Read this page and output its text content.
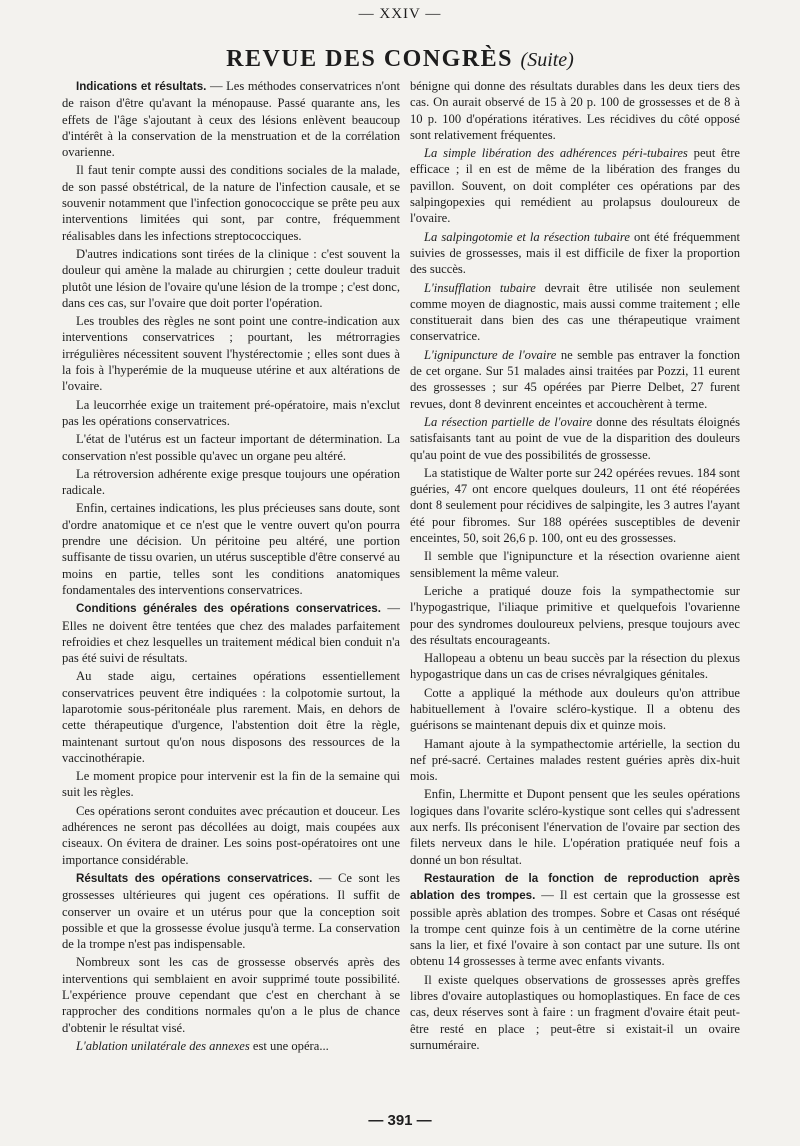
— XXIV —
REVUE DES CONGRÈS (Suite)

Indications et résultats. — Les méthodes conservatrices n'ont de raison d'être qu'avant la ménopause. Passé quarante ans, les effets de l'âge s'ajoutant à ceux des lésions enlèvent beaucoup d'intérêt à la conservation de la menstruation et de la corrélation ovarienne.

Il faut tenir compte aussi des conditions sociales de la malade, de son passé obstétrical, de la nature de l'infection causale, et se souvenir notamment que l'infection gonococcique se prête peu aux interventions limitées qui sont, par contre, fréquemment réalisables dans les infections streptococciques.

D'autres indications sont tirées de la clinique : c'est souvent la douleur qui amène la malade au chirurgien ; cette douleur traduit plutôt une lésion de l'ovaire qu'une lésion de la trompe ; c'est donc, dans ces cas, sur l'ovaire que doit porter l'opération.

Les troubles des règles ne sont point une contre-indication aux interventions conservatrices ; pourtant, les métrorragies irrégulières nécessitent souvent l'hystérectomie ; elles sont dues à la fois à l'hyperémie de la muqueuse utérine et aux altérations de l'ovaire.

La leucorrhée exige un traitement pré-opératoire, mais n'exclut pas les opérations conservatrices.

L'état de l'utérus est un facteur important de détermination. La conservation n'est possible qu'avec un organe peu altéré.

La rétroversion adhérente exige presque toujours une opération radicale.

Enfin, certaines indications, les plus précieuses sans doute, sont d'ordre anatomique et ce n'est que le ventre ouvert qu'on pourra prendre une décision. Un péritoine peu altéré, une portion suffisante de tissu ovarien, un utérus susceptible d'être conservé au moins en partie, telles sont les conditions anatomiques fondamentales des interventions conservatrices.

Conditions générales des opérations conservatrices. — Elles ne doivent être tentées que chez des malades parfaitement refroidies et chez lesquelles un traitement médical bien conduit n'a pas été suivi de résultats.

Au stade aigu, certaines opérations essentiellement conservatrices peuvent être indiquées : la colpotomie surtout, la laparotomie sous-péritonéale plus rarement. Mais, en dehors de cette thérapeutique d'urgence, l'abstention doit être la règle, maintenant surtout qu'on nous disposons des ressources de la vaccinothérapie.

Le moment propice pour intervenir est la fin de la semaine qui suit les règles.

Ces opérations seront conduites avec précaution et douceur. Les adhérences ne seront pas décollées au doigt, mais coupées aux ciseaux. On évitera de drainer. Les soins post-opératoires ont une importance considérable.

Résultats des opérations conservatrices. — Ce sont les grossesses ultérieures qui jugent ces opérations. Il suffit de conserver un ovaire et un utérus pour que la conception soit possible et que la grossesse évolue jusqu'à terme. La conservation de la trompe n'est pas indispensable.

Nombreux sont les cas de grossesse observés après des interventions qui semblaient en avoir supprimé toute possibilité. L'expérience prouve cependant que c'est en cherchant à se rapprocher des conditions normales qu'on a le plus de chance d'obtenir le résultat visé.

L'ablation unilatérale des annexes est une opéra...

bénigne qui donne des résultats durables dans les deux tiers des cas. On aurait observé de 15 à 20 p. 100 de grossesses et de 8 à 10 p. 100 d'opérations itératives. Les récidives du côté opposé sont relativement fréquentes.

La simple libération des adhérences péri-tubaires peut être efficace ; il en est de même de la libération des franges du pavillon. Souvent, on doit compléter ces opérations par des salpingopexies qui remédient au prolapsus douloureux de l'ovaire.

La salpingotomie et la résection tubaire ont été fréquemment suivies de grossesses, mais il est difficile de fixer la proportion des succès.

L'insufflation tubaire devrait être utilisée non seulement comme moyen de diagnostic, mais aussi comme traitement ; elle constituerait dans bien des cas une thérapeutique vraiment conservatrice.

L'ignipuncture de l'ovaire ne semble pas entraver la fonction de cet organe. Sur 51 malades ainsi traitées par Pozzi, 11 eurent des grossesses ; sur 45 opérées par Pierre Delbet, 27 furent revues, dont 8 devinrent enceintes et accouchèrent à terme.

La résection partielle de l'ovaire donne des résultats éloignés satisfaisants tant au point de vue de la disparition des douleurs qu'au point de vue des possibilités de grossesse.

La statistique de Walter porte sur 242 opérées revues. 184 sont guéries, 47 ont encore quelques douleurs, 11 ont été réopérées dont 8 seulement pour récidives de salpingite, les 3 autres l'ayant été pour fibromes. Sur 188 opérées susceptibles de devenir enceintes, 50, soit 26,6 p. 100, ont eu des grossesses.

Il semble que l'ignipuncture et la résection ovarienne aient sensiblement la même valeur.

Leriche a pratiqué douze fois la sympathectomie sur l'hypogastrique, l'iliaque primitive et quelquefois l'ovarienne pour des syndromes douloureux pelviens, presque toujours avec des résultats encourageants.

Hallopeau a obtenu un beau succès par la résection du plexus hypogastrique dans un cas de crises névralgiques génitales.

Cotte a appliqué la méthode aux douleurs qu'on attribue habituellement à l'ovaire scléro-kystique. Il a obtenu des guérisons se maintenant depuis dix et quinze mois.

Hamant ajoute à la sympathectomie artérielle, la section du nef pré-sacré. Certaines malades restent guéries après dix-huit mois.

Enfin, Lhermitte et Dupont pensent que les seules opérations logiques dans l'ovarite scléro-kystique sont celles qui s'adressent aux nerfs. Ils préconisent l'énervation de l'ovaire par section des filets nerveux dans le hile. L'opération pratiquée neuf fois a donné un bon résultat.

Restauration de la fonction de reproduction après ablation des trompes. — Il est certain que la grossesse est possible après ablation des trompes. Sobre et Casas ont réséqué la trompe cent quinze fois à un centimètre de la corne utérine sans la lier, et fixé l'ovaire à son contact par une suture. Ils ont obtenu 14 grossesses à terme avec enfants vivants.

Il existe quelques observations de grossesses après greffes libres d'ovaire autoplastiques ou homoplastiques. En face de ces cas, deux réserves sont à faire : un fragment d'ovaire était peut-être resté en place ; peut-être si existait-il un ovaire surnuméraire.

— 391 —
